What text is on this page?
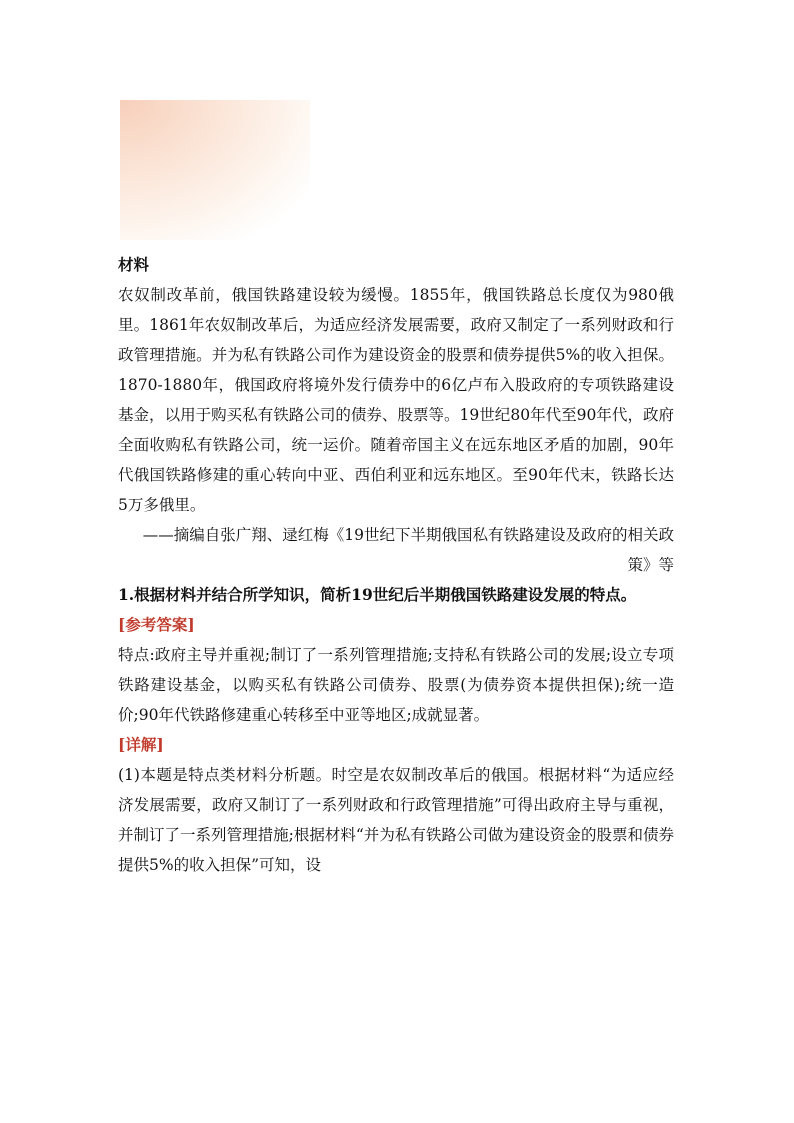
材料

农奴制改革前，俄国铁路建设较为缓慢。1855年，俄国铁路总长度仅为980俄里。1861年农奴制改革后，为适应经济发展需要，政府又制定了一系列财政和行政管理措施。并为私有铁路公司作为建设资金的股票和债券提供5%的收入担保。1870-1880年，俄国政府将境外发行债券中的6亿卢布入股政府的专项铁路建设基金，以用于购买私有铁路公司的债券、股票等。19世纪80年代至90年代，政府全面收购私有铁路公司，统一运价。随着帝国主义在远东地区矛盾的加剧，90年代俄国铁路修建的重心转向中亚、西伯利亚和远东地区。至90年代末，铁路长达5万多俄里。

——摘编自张广翔、逯红梅《19世纪下半期俄国私有铁路建设及政府的相关政策》等

1.根据材料并结合所学知识，简析19世纪后半期俄国铁路建设发展的特点。

[参考答案]

特点:政府主导并重视;制订了一系列管理措施;支持私有铁路公司的发展;设立专项铁路建设基金，以购买私有铁路公司债券、股票(为债券资本提供担保);统一造价;90年代铁路修建重心转移至中亚等地区;成就显著。

[详解]

(1)本题是特点类材料分析题。时空是农奴制改革后的俄国。根据材料“为适应经济发展需要，政府又制订了一系列财政和行政管理措施”可得出政府主导与重视，并制订了一系列管理措施;根据材料“并为私有铁路公司做为建设资金的股票和债券提供5%的收入担保”可知，设
